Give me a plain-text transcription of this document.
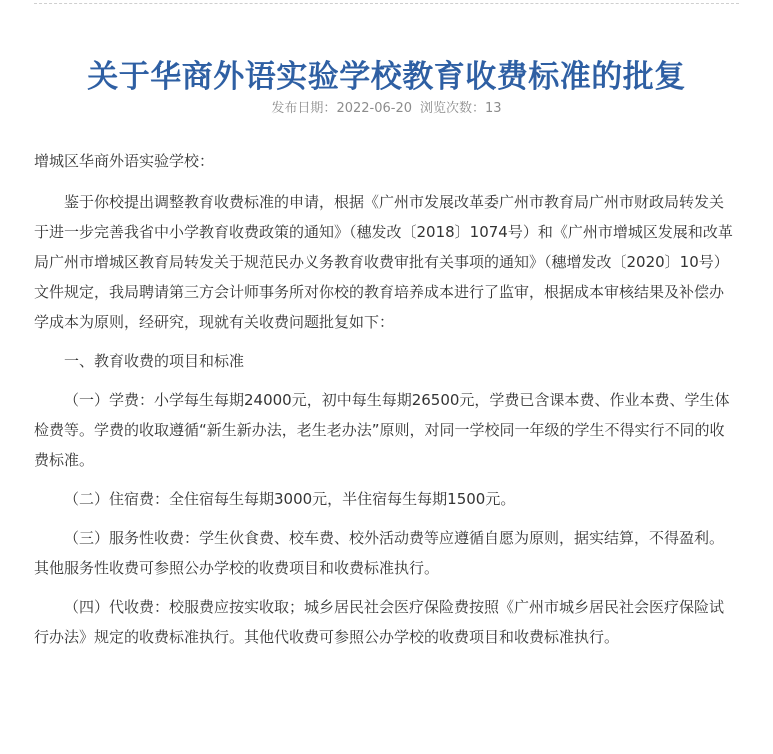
关于华商外语实验学校教育收费标准的批复
发布日期：2022-06-20 浏览次数：13

增城区华商外语实验学校：

鉴于你校提出调整教育收费标准的申请，根据《广州市发展改革委广州市教育局广州市财政局转发关于进一步完善我省中小学教育收费政策的通知》（穗发改〔2018〕1074号）和《广州市增城区发展和改革局广州市增城区教育局转发关于规范民办义务教育收费审批有关事项的通知》（穗增发改〔2020〕10号）文件规定，我局聘请第三方会计师事务所对你校的教育培养成本进行了监审，根据成本审核结果及补偿办学成本为原则，经研究，现就有关收费问题批复如下：

一、教育收费的项目和标准

（一）学费：小学每生每期24000元，初中每生每期26500元，学费已含课本费、作业本费、学生体检费等。学费的收取遵循“新生新办法，老生老办法”原则，对同一学校同一年级的学生不得实行不同的收费标准。

（二）住宿费：全住宿每生每期3000元，半住宿每生每期1500元。

（三）服务性收费：学生伙食费、校车费、校外活动费等应遵循自愿为原则，据实结算，不得盈利。其他服务性收费可参照公办学校的收费项目和收费标准执行。

（四）代收费：校服费应按实收取；城乡居民社会医疗保险费按照《广州市城乡居民社会医疗保险试行办法》规定的收费标准执行。其他代收费可参照公办学校的收费项目和收费标准执行。
